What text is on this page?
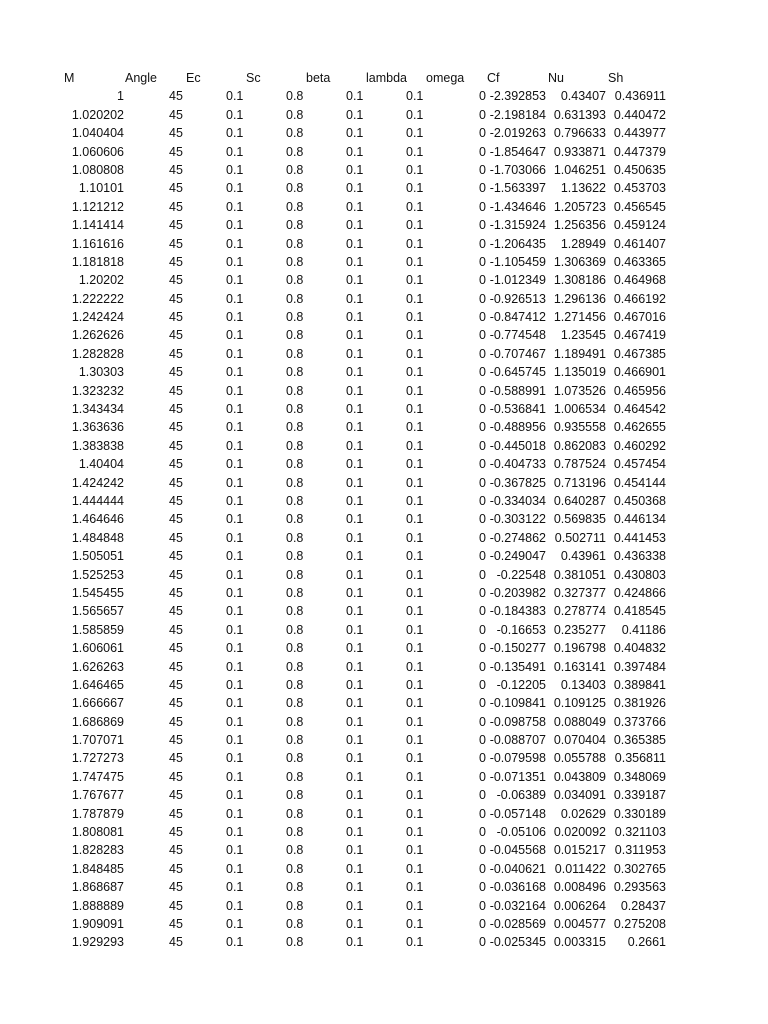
M	Angle Ec	Sc	beta	lambda omega Cf	Nu	Sh
1	45	0.1	0.8	0.1	0.1	0 -2.392853	0.43407 0.436911
1.020202	45	0.1	0.8	0.1	0.1	0 -2.198184 0.631393 0.440472
1.040404	45	0.1	0.8	0.1	0.1	0 -2.019263 0.796633 0.443977
1.060606	45	0.1	0.8	0.1	0.1	0 -1.854647 0.933871 0.447379
1.080808	45	0.1	0.8	0.1	0.1	0 -1.703066 1.046251 0.450635
1.10101	45	0.1	0.8	0.1	0.1	0 -1.563397	1.13622 0.453703
1.121212	45	0.1	0.8	0.1	0.1	0 -1.434646 1.205723 0.456545
1.141414	45	0.1	0.8	0.1	0.1	0 -1.315924 1.256356 0.459124
1.161616	45	0.1	0.8	0.1	0.1	0 -1.206435	1.28949 0.461407
1.181818	45	0.1	0.8	0.1	0.1	0 -1.105459 1.306369 0.463365
1.20202	45	0.1	0.8	0.1	0.1	0 -1.012349 1.308186 0.464968
1.222222	45	0.1	0.8	0.1	0.1	0 -0.926513 1.296136 0.466192
1.242424	45	0.1	0.8	0.1	0.1	0 -0.847412 1.271456 0.467016
1.262626	45	0.1	0.8	0.1	0.1	0 -0.774548	1.23545 0.467419
1.282828	45	0.1	0.8	0.1	0.1	0 -0.707467 1.189491 0.467385
1.30303	45	0.1	0.8	0.1	0.1	0 -0.645745 1.135019 0.466901
1.323232	45	0.1	0.8	0.1	0.1	0 -0.588991 1.073526 0.465956
1.343434	45	0.1	0.8	0.1	0.1	0 -0.536841 1.006534 0.464542
1.363636	45	0.1	0.8	0.1	0.1	0 -0.488956 0.935558 0.462655
1.383838	45	0.1	0.8	0.1	0.1	0 -0.445018 0.862083 0.460292
1.40404	45	0.1	0.8	0.1	0.1	0 -0.404733 0.787524 0.457454
1.424242	45	0.1	0.8	0.1	0.1	0 -0.367825 0.713196 0.454144
1.444444	45	0.1	0.8	0.1	0.1	0 -0.334034 0.640287 0.450368
1.464646	45	0.1	0.8	0.1	0.1	0 -0.303122 0.569835 0.446134
1.484848	45	0.1	0.8	0.1	0.1	0 -0.274862 0.502711 0.441453
1.505051	45	0.1	0.8	0.1	0.1	0 -0.249047	0.43961 0.436338
1.525253	45	0.1	0.8	0.1	0.1	0 -0.22548 0.381051 0.430803
1.545455	45	0.1	0.8	0.1	0.1	0 -0.203982 0.327377 0.424866
1.565657	45	0.1	0.8	0.1	0.1	0 -0.184383 0.278774 0.418545
1.585859	45	0.1	0.8	0.1	0.1	0 -0.16653 0.235277	0.41186
1.606061	45	0.1	0.8	0.1	0.1	0 -0.150277 0.196798 0.404832
1.626263	45	0.1	0.8	0.1	0.1	0 -0.135491 0.163141 0.397484
1.646465	45	0.1	0.8	0.1	0.1	0 -0.12205	0.13403 0.389841
1.666667	45	0.1	0.8	0.1	0.1	0 -0.109841 0.109125 0.381926
1.686869	45	0.1	0.8	0.1	0.1	0 -0.098758 0.088049 0.373766
1.707071	45	0.1	0.8	0.1	0.1	0 -0.088707 0.070404 0.365385
1.727273	45	0.1	0.8	0.1	0.1	0 -0.079598 0.055788 0.356811
1.747475	45	0.1	0.8	0.1	0.1	0 -0.071351 0.043809 0.348069
1.767677	45	0.1	0.8	0.1	0.1	0 -0.06389 0.034091 0.339187
1.787879	45	0.1	0.8	0.1	0.1	0 -0.057148	0.02629 0.330189
1.808081	45	0.1	0.8	0.1	0.1	0 -0.05106 0.020092 0.321103
1.828283	45	0.1	0.8	0.1	0.1	0 -0.045568 0.015217 0.311953
1.848485	45	0.1	0.8	0.1	0.1	0 -0.040621 0.011422 0.302765
1.868687	45	0.1	0.8	0.1	0.1	0 -0.036168 0.008496 0.293563
1.888889	45	0.1	0.8	0.1	0.1	0 -0.032164 0.006264	0.28437
1.909091	45	0.1	0.8	0.1	0.1	0 -0.028569 0.004577 0.275208
1.929293	45	0.1	0.8	0.1	0.1	0 -0.025345 0.003315	0.2661
